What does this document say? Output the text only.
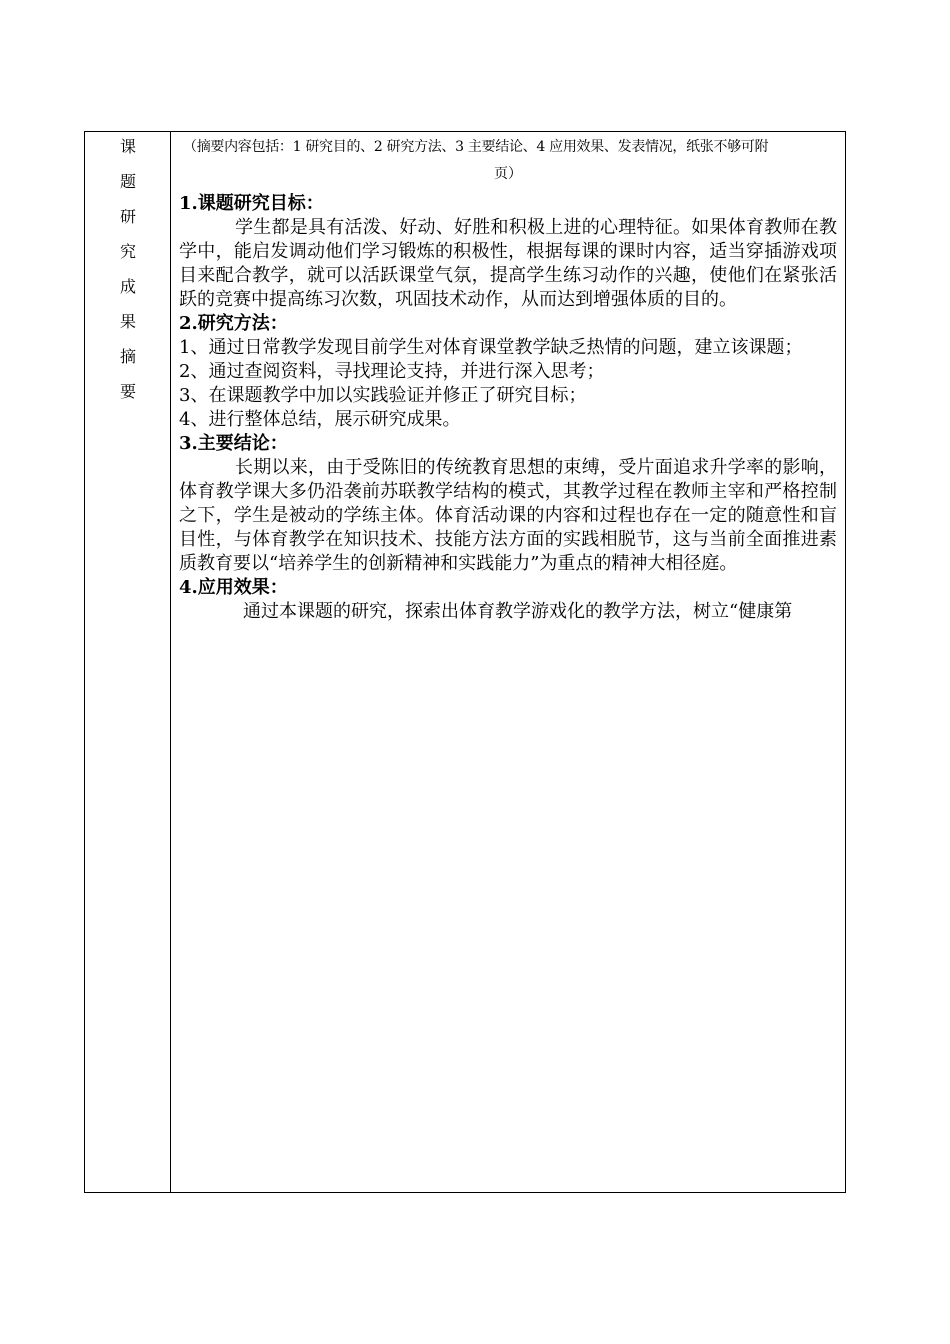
课
题
研
究
成
果
摘
要
（摘要内容包括：1 研究目的、2 研究方法、3 主要结论、4 应用效果、发表情况，纸张不够可附
页）
1.课题研究目标：
学生都是具有活泼、好动、好胜和积极上进的心理特征。如果体育教师在教学中，能启发调动他们学习锻炼的积极性，根据每课的课时内容，适当穿插游戏项目来配合教学，就可以活跃课堂气氛，提高学生练习动作的兴趣，使他们在紧张活跃的竞赛中提高练习次数，巩固技术动作，从而达到增强体质的目的。
2.研究方法：
1、通过日常教学发现目前学生对体育课堂教学缺乏热情的问题，建立该课题；
2、通过查阅资料，寻找理论支持，并进行深入思考；
3、在课题教学中加以实践验证并修正了研究目标；
4、进行整体总结，展示研究成果。
3.主要结论：
长期以来，由于受陈旧的传统教育思想的束缚，受片面追求升学率的影响，体育教学课大多仍沿袭前苏联教学结构的模式，其教学过程在教师主宰和严格控制之下，学生是被动的学练主体。体育活动课的内容和过程也存在一定的随意性和盲目性，与体育教学在知识技术、技能方法方面的实践相脱节，这与当前全面推进素质教育要以“培养学生的创新精神和实践能力”为重点的精神大相径庭。
4.应用效果：
通过本课题的研究，探索出体育教学游戏化的教学方法，树立“健康第
